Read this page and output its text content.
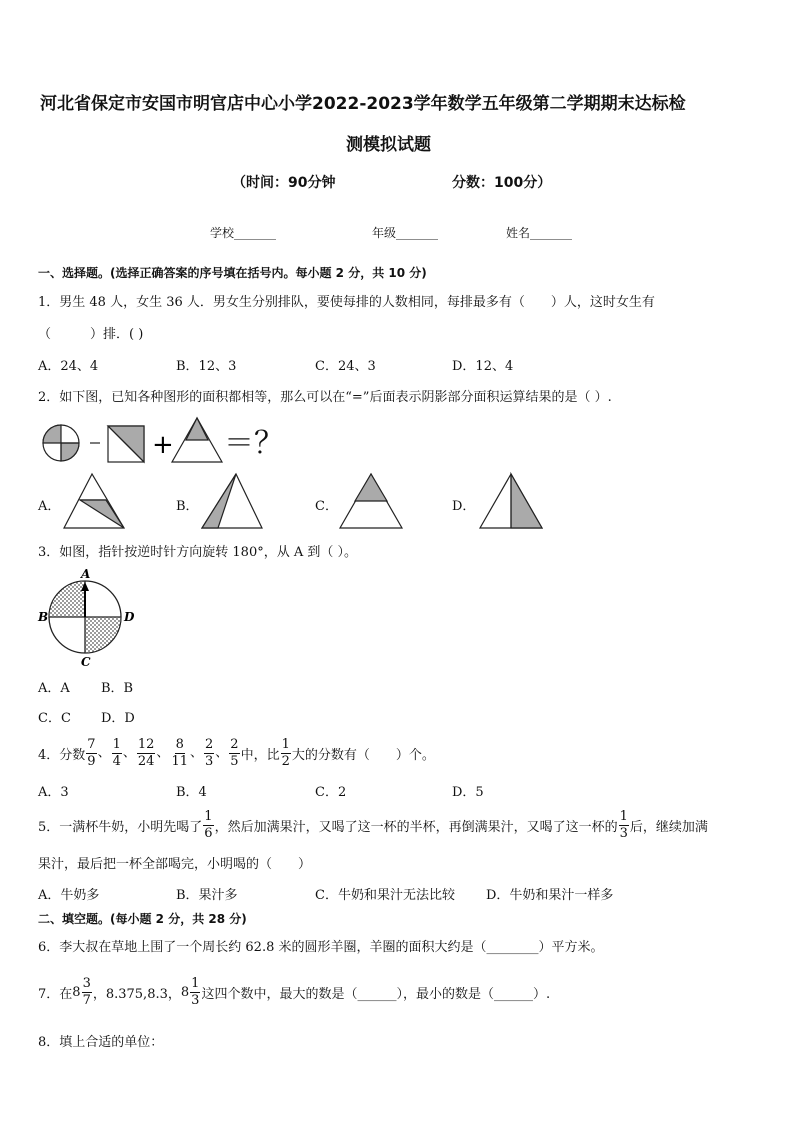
河北省保定市安国市明官店中心小学2022-2023学年数学五年级第二学期期末达标检
测模拟试题
（时间：90分钟	分数：100分）
学校_______	年级_______	姓名_______
一、选择题。(选择正确答案的序号填在括号内。每小题 2 分，共 10 分)
1．男生 48 人，女生 36 人．男女生分别排队，要使每排的人数相同，每排最多有（　　）人，这时女生有
（　　　）排．( )
A．24、4	B．12、3	C．24、3	D．12、4
2．如下图，已知各种图形的面积都相等，那么可以在“=”后面表示阴影部分面积运算结果的是（ ）.
+ ＝？
A．	B．	C．	D．
3．如图，指针按逆时针方向旋转 180°，从 A 到（ ）。
A
B
C
D
A．A B．B
C．C D．D
4．分数 $\frac{7}{9}$ 、 $\frac{1}{4}$ 、 $\frac{12}{24}$ 、 $\frac{8}{11}$ 、 $\frac{2}{3}$ 、 $\frac{2}{5}$ 中，比 $\frac{1}{2}$ 大的分数有（　　）个。
A．3	B．4	C．2	D．5
5．一满杯牛奶，小明先喝了 $\frac{1}{6}$ ，然后加满果汁，又喝了这一杯的半杯，再倒满果汁，又喝了这一杯的 $\frac{1}{3}$ 后，继续加满
果汁，最后把一杯全部喝完，小明喝的（　　）
A．牛奶多	B．果汁多	C．牛奶和果汁无法比较 D．牛奶和果汁一样多
二、填空题。(每小题 2 分，共 28 分)
6．李大叔在草地上围了一个周长约 62.8 米的圆形羊圈，羊圈的面积大约是（________）平方米。
7．在 $8 \frac{3}{7}$ ，8.375,8.3， $8 \frac{1}{3}$ 这四个数中，最大的数是（______），最小的数是（______）.
8．填上合适的单位：
